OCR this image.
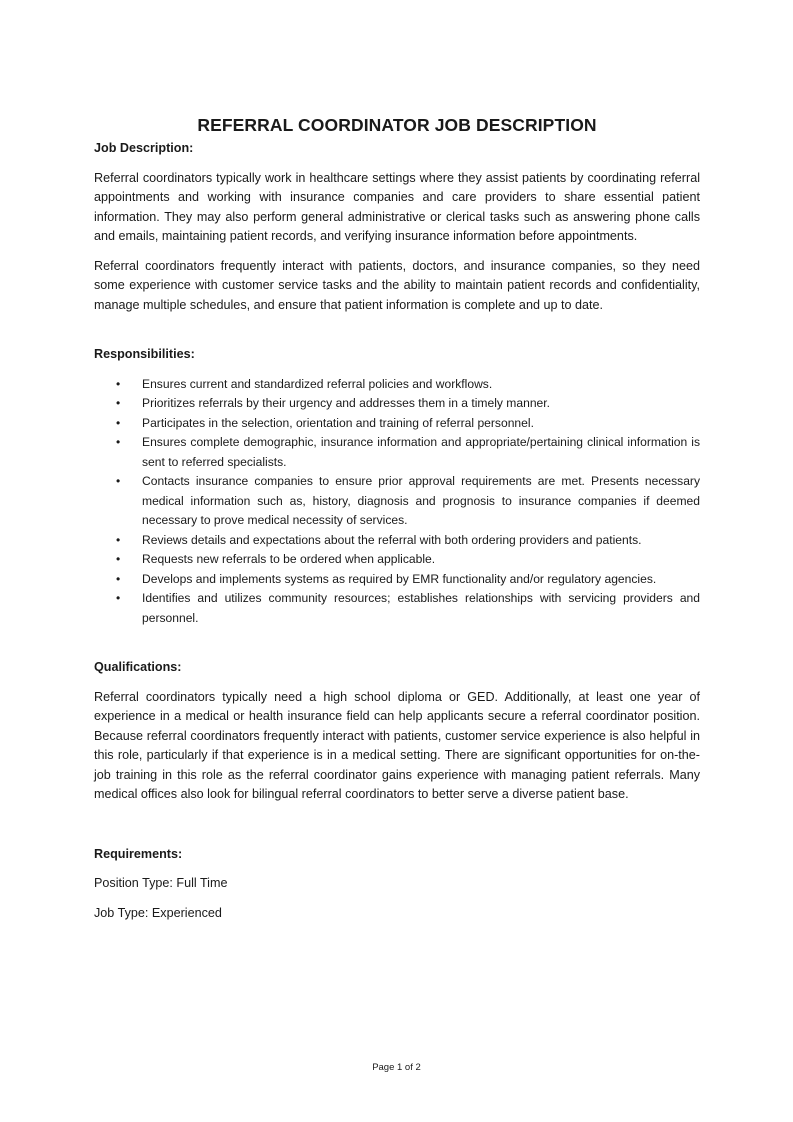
REFERRAL COORDINATOR JOB DESCRIPTION

Job Description:

Referral coordinators typically work in healthcare settings where they assist patients by coordinating referral appointments and working with insurance companies and care providers to share essential patient information. They may also perform general administrative or clerical tasks such as answering phone calls and emails, maintaining patient records, and verifying insurance information before appointments.

Referral coordinators frequently interact with patients, doctors, and insurance companies, so they need some experience with customer service tasks and the ability to maintain patient records and confidentiality, manage multiple schedules, and ensure that patient information is complete and up to date.

Responsibilities:

• Ensures current and standardized referral policies and workflows.
• Prioritizes referrals by their urgency and addresses them in a timely manner.
• Participates in the selection, orientation and training of referral personnel.
• Ensures complete demographic, insurance information and appropriate/pertaining clinical information is sent to referred specialists.
• Contacts insurance companies to ensure prior approval requirements are met. Presents necessary medical information such as, history, diagnosis and prognosis to insurance companies if deemed necessary to prove medical necessity of services.
• Reviews details and expectations about the referral with both ordering providers and patients.
• Requests new referrals to be ordered when applicable.
• Develops and implements systems as required by EMR functionality and/or regulatory agencies.
• Identifies and utilizes community resources; establishes relationships with servicing providers and personnel.

Qualifications:

Referral coordinators typically need a high school diploma or GED. Additionally, at least one year of experience in a medical or health insurance field can help applicants secure a referral coordinator position. Because referral coordinators frequently interact with patients, customer service experience is also helpful in this role, particularly if that experience is in a medical setting. There are significant opportunities for on-the-job training in this role as the referral coordinator gains experience with managing patient referrals. Many medical offices also look for bilingual referral coordinators to better serve a diverse patient base.

Requirements:

Position Type: Full Time

Job Type: Experienced

Page 1 of 2
